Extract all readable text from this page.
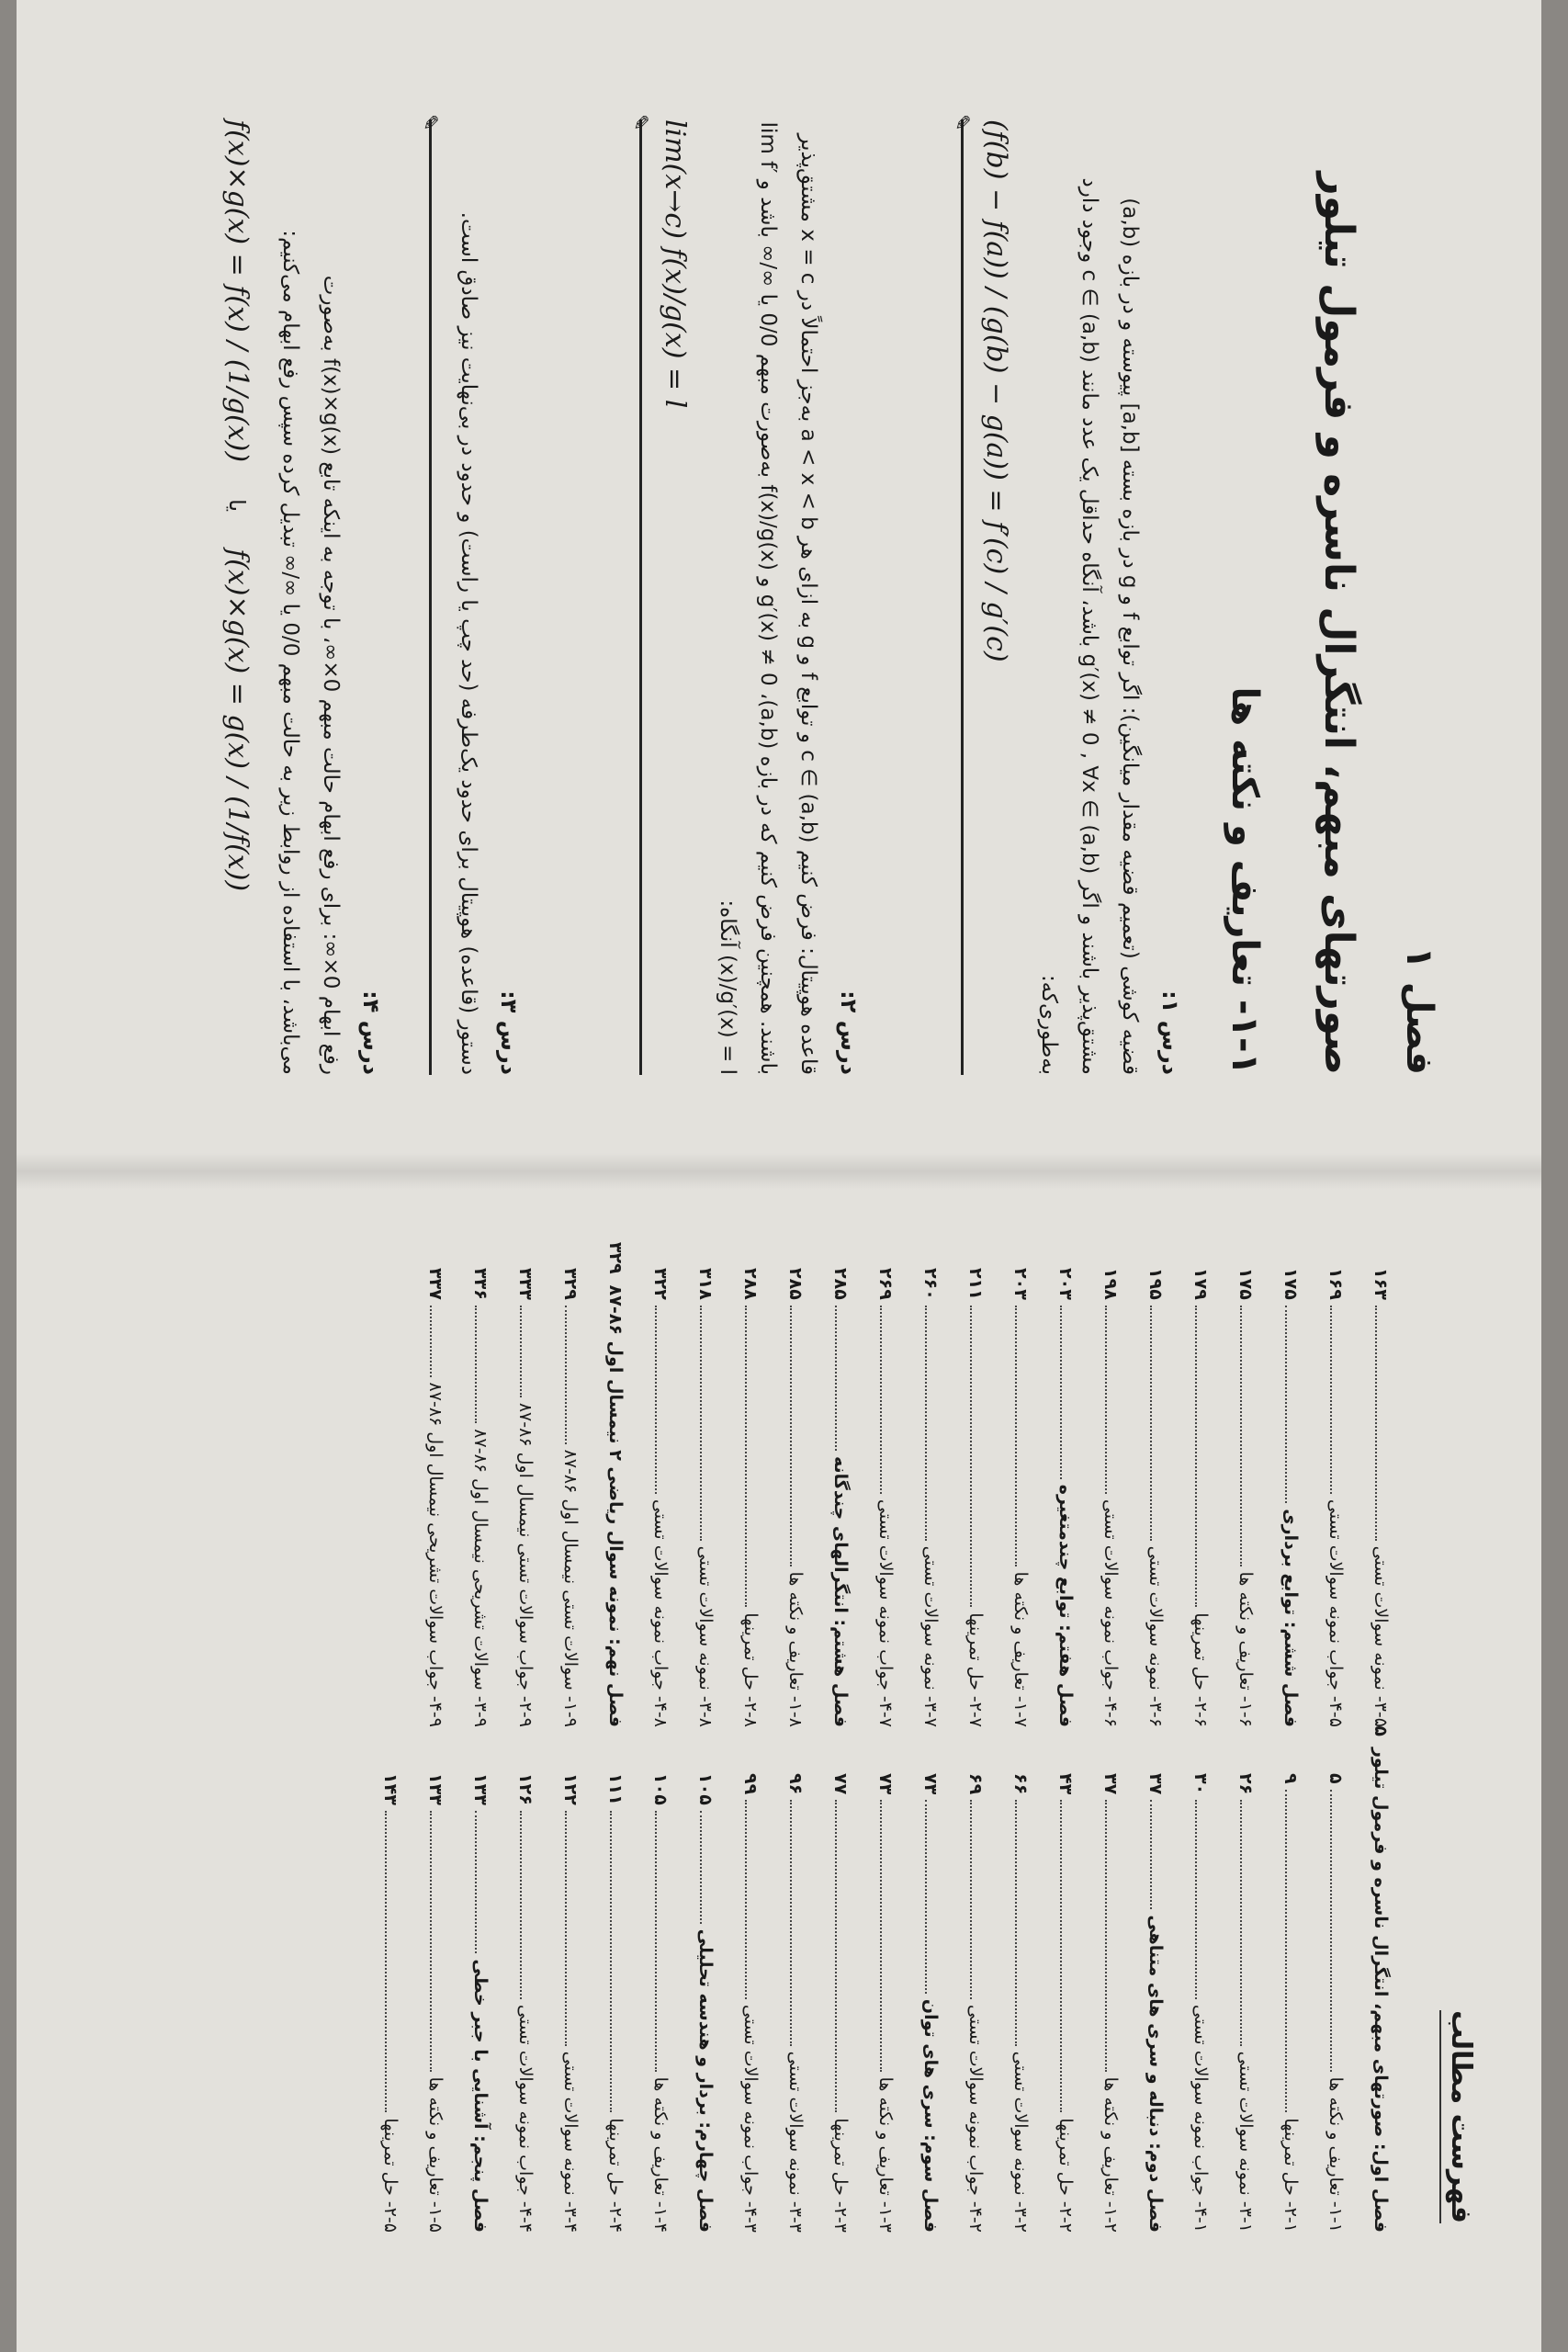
فصل ۱
صورتهای مبهم، انتگرال ناسره و فرمول تیلور
۱-۱- تعاریف و نکته ها
درس ۱:
قضیه کوشی (تعمیم قضیه مقدار میانگین): اگر توابع f و g در بازه بسته [a,b] پیوسته و در بازه (a,b) مشتق‌پذیر باشند و اگر g′(x) ≠ 0 , ∀x ∈ (a,b) باشد، آنگاه حداقل یک عدد مانند c ∈ (a,b) وجود دارد به‌طوری‌که:
(f(b) − f(a)) / (g(b) − g(a)) = f′(c) / g′(c)
✎
درس ۲:
قاعده هوپیتال: فرض کنیم c ∈ (a,b) و توابع f و g به ازای هر a < x < b به‌جز احتمالاً در x = c مشتق‌پذیر باشند. همچنین فرض کنیم که در بازه (a,b)، g′(x) ≠ 0 و f(x)/g(x) به‌صورت مبهم 0/0 یا ∞/∞ باشد و lim f′(x)/g′(x) = l آنگاه:
lim(x→c) f(x)/g(x) = l
✎
درس ۳:
دستور (قاعده) هوپیتال برای حدود یک‌طرفه (حد چپ یا راست) و حدود در بی‌نهایت نیز صادق است.
✎
درس ۴:
رفع ابهام 0×∞: برای رفع ابهام حالت مبهم 0×∞، با توجه به اینکه تابع f(x)×g(x) به‌صورت
می‌باشد، با استفاده از روابط زیر به حالت مبهم 0/0 یا ∞/∞ تبدیل کرده سپس رفع ابهام می‌کنیم:
f(x)×g(x) = f(x) / (1/g(x))
یا
f(x)×g(x) = g(x) / (1/f(x))
فهرست مطالب
فصل اول: صورتهای مبهم، انتگرال ناسره و فرمول تیلور
۵
۱-۱- تعاریف و نکته ها
۵
۲-۱- حل تمرینها
۹
۳-۱- نمونه سوالات تستی
۲۶
۴-۱- جواب نمونه سوالات تستی
۳۰
فصل دوم: دنباله و سری های متناهی
۳۷
۱-۲- تعاریف و نکته ها
۳۷
۲-۲- حل تمرینها
۴۳
۳-۲- نمونه سوالات تستی
۶۶
۴-۲- جواب نمونه سوالات تستی
۶۹
فصل سوم: سری های توان
۷۳
۱-۳- تعاریف و نکته ها
۷۳
۲-۳- حل تمرینها
۷۷
۳-۳- نمونه سوالات تستی
۹۶
۴-۳- جواب نمونه سوالات تستی
۹۹
فصل چهارم: بردار و هندسه تحلیلی
۱۰۵
۱-۴- تعاریف و نکته ها
۱۰۵
۲-۴- حل تمرینها
۱۱۱
۳-۴- نمونه سوالات تستی
۱۲۲
۴-۴- جواب نمونه سوالات تستی
۱۲۶
فصل پنجم: آشنایی با جبر خطی
۱۳۳
۱-۵- تعاریف و نکته ها
۱۳۳
۲-۵- حل تمرینها
۱۴۳
۳-۵- نمونه سوالات تستی
۱۶۳
۴-۵- جواب نمونه سوالات تستی
۱۶۹
فصل ششم: توابع برداری
۱۷۵
۱-۶- تعاریف و نکته ها
۱۷۵
۲-۶- حل تمرینها
۱۷۹
۳-۶- نمونه سوالات تستی
۱۹۵
۴-۶- جواب نمونه سوالات تستی
۱۹۸
فصل هفتم: توابع چندمتغیره
۲۰۳
۱-۷- تعاریف و نکته ها
۲۰۳
۲-۷- حل تمرینها
۲۱۱
۳-۷- نمونه سوالات تستی
۲۶۰
۴-۷- جواب نمونه سوالات تستی
۲۶۹
فصل هشتم: انتگرالهای چندگانه
۲۸۵
۱-۸- تعاریف و نکته ها
۲۸۵
۲-۸- حل تمرینها
۲۸۸
۳-۸- نمونه سوالات تستی
۳۱۸
۴-۸- جواب نمونه سوالات تستی
۳۲۲
فصل نهم: نمونه سوال ریاضی ۲ نیمسال اول ۸۶-۸۷
۳۲۹
۱-۹- سوالات تستی نیمسال اول ۸۶-۸۷
۳۲۹
۲-۹- جواب سوالات تستی نیمسال اول ۸۶-۸۷
۳۳۳
۳-۹- سوالات تشریحی نیمسال اول ۸۶-۸۷
۳۳۶
۴-۹- جواب سوالات تشریحی نیمسال اول ۸۶-۸۷
۳۳۷
